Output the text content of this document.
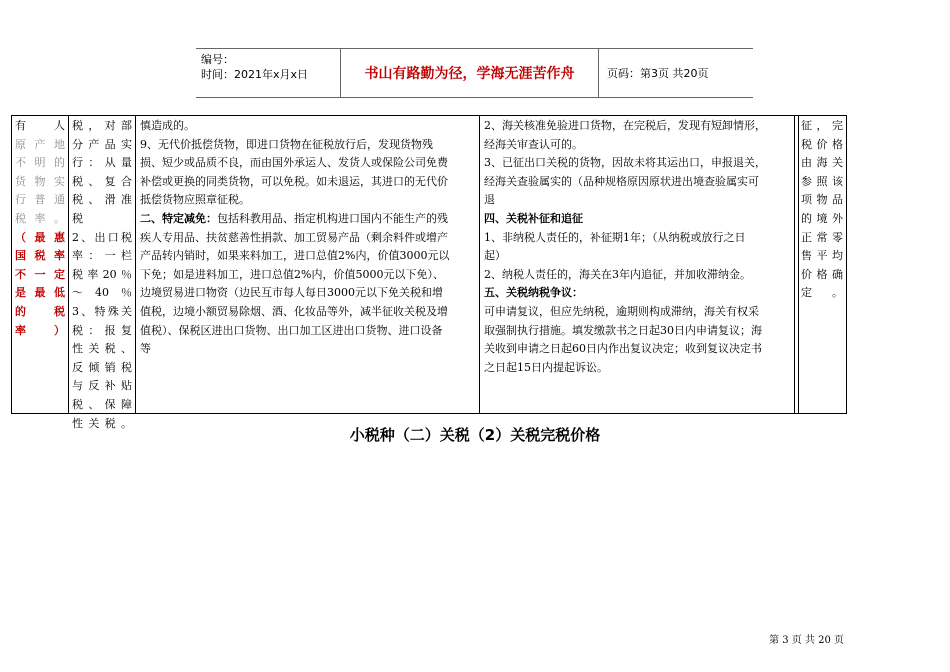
编号：
时间：2021年x月x日	书山有路勤为径，学海无涯苦作舟	页码：第3页 共20页
有人
原产地
不明的
货物实
行普通
税率。
（最惠
国税率
不一定
是最低
的　税
率）
税，对部
分产品实
行：从量
税、复合
税、滑准
税
2、出口税
率：一栏
税率20％
～40％
3、特殊关
税：报复
性关税、
反倾销税
与反补贴
税、保障
性关税。
慎造成的。
9、无代价抵偿货物，即进口货物在征税放行后，发现货物残
损、短少或品质不良，而由国外承运人、发货人或保险公司免费
补偿或更换的同类货物，可以免税。如未退运，其进口的无代价
抵偿货物应照章征税。
二、特定减免：包括科教用品、指定机构进口国内不能生产的残
疾人专用品、扶贫慈善性捐款、加工贸易产品（剩余料件或增产
产品转内销时，如果来料加工，进口总值2%内，价值3000元以
下免；如是进料加工，进口总值2%内，价值5000元以下免）、
边境贸易进口物资（边民互市每人每日3000元以下免关税和增
值税，边境小额贸易除烟、酒、化妆品等外，减半征收关税及增
值税）、保税区进出口货物、出口加工区进出口货物、进口设备
等
2、海关核准免验进口货物，在完税后，发现有短卸情形，
经海关审查认可的。
3、已征出口关税的货物，因故未将其运出口，申报退关，
经海关查验属实的（品种规格原因原状进出境查验属实可
退
四、关税补征和追征
1、非纳税人责任的，补征期1年；（从纳税或放行之日
起）
2、纳税人责任的，海关在3年内追征，并加收滞纳金。
五、关税纳税争议：
可申请复议，但应先纳税，逾期则构成滞纳，海关有权采
取强制执行措施。填发缴款书之日起30日内申请复议；海
关收到申请之日起60日内作出复议决定；收到复议决定书
之日起15日内提起诉讼。
征，完
税价格
由海关
参照该
项物品
的境外
正常零
售平均
价格确
定。
小税种（二）关税（2）关税完税价格
第 3 页 共 20 页
